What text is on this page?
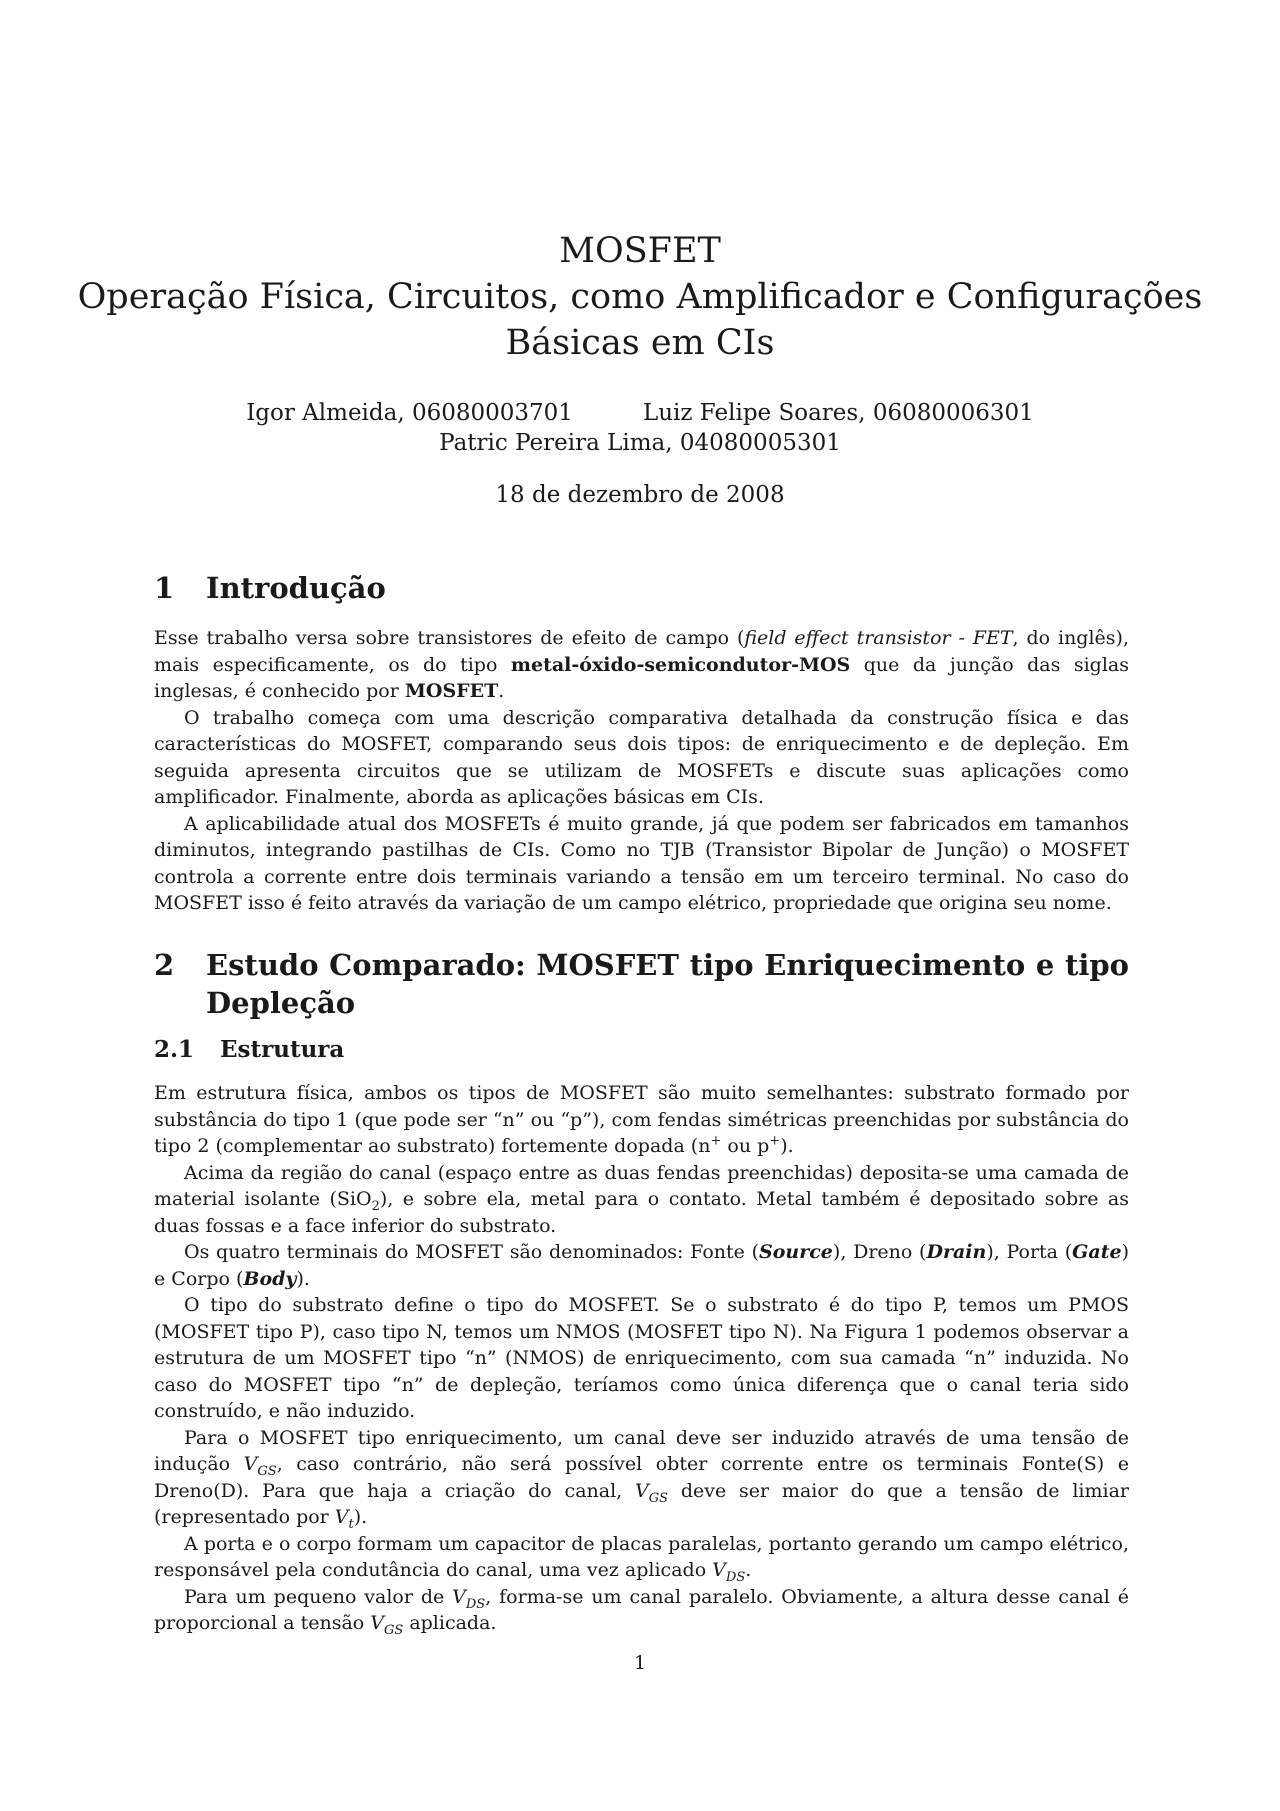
MOSFET
Operação Física, Circuitos, como Amplificador e Configurações
Básicas em CIs
Igor Almeida, 06080003701	Luiz Felipe Soares, 06080006301
Patric Pereira Lima, 04080005301
18 de dezembro de 2008
1	Introdução

Esse trabalho versa sobre transistores de efeito de campo (field effect transistor - FET, do inglês), mais especificamente, os do tipo metal-óxido-semicondutor-MOS que da junção das siglas inglesas, é conhecido por MOSFET.

O trabalho começa com uma descrição comparativa detalhada da construção física e das características do MOSFET, comparando seus dois tipos: de enriquecimento e de depleção. Em seguida apresenta circuitos que se utilizam de MOSFETs e discute suas aplicações como amplificador. Finalmente, aborda as aplicações básicas em CIs.

A aplicabilidade atual dos MOSFETs é muito grande, já que podem ser fabricados em tamanhos diminutos, integrando pastilhas de CIs. Como no TJB (Transistor Bipolar de Junção) o MOSFET controla a corrente entre dois terminais variando a tensão em um terceiro terminal. No caso do MOSFET isso é feito através da variação de um campo elétrico, propriedade que origina seu nome.

2	Estudo Comparado: MOSFET tipo Enriquecimento e tipo Depleção
2.1	Estrutura

Em estrutura física, ambos os tipos de MOSFET são muito semelhantes: substrato formado por substância do tipo 1 (que pode ser “n” ou “p”), com fendas simétricas preenchidas por substância do tipo 2 (complementar ao substrato) fortemente dopada (n+ ou p+).

Acima da região do canal (espaço entre as duas fendas preenchidas) deposita-se uma camada de material isolante (SiO$_2$), e sobre ela, metal para o contato. Metal também é depositado sobre as duas fossas e a face inferior do substrato.

Os quatro terminais do MOSFET são denominados: Fonte (Source), Dreno (Drain), Porta (Gate) e Corpo (Body).

O tipo do substrato define o tipo do MOSFET. Se o substrato é do tipo P, temos um PMOS (MOSFET tipo P), caso tipo N, temos um NMOS (MOSFET tipo N). Na Figura 1 podemos observar a estrutura de um MOSFET tipo “n” (NMOS) de enriquecimento, com sua camada “n” induzida. No caso do MOSFET tipo “n” de depleção, teríamos como única diferença que o canal teria sido construído, e não induzido.

Para o MOSFET tipo enriquecimento, um canal deve ser induzido através de uma tensão de indução $V_{GS}$, caso contrário, não será possível obter corrente entre os terminais Fonte(S) e Dreno(D). Para que haja a criação do canal, $V_{GS}$ deve ser maior do que a tensão de limiar (representado por $V_t$).

A porta e o corpo formam um capacitor de placas paralelas, portanto gerando um campo elétrico, responsável pela condutância do canal, uma vez aplicado $V_{DS}$.

Para um pequeno valor de $V_{DS}$, forma-se um canal paralelo. Obviamente, a altura desse canal é proporcional a tensão $V_{GS}$ aplicada.

1
